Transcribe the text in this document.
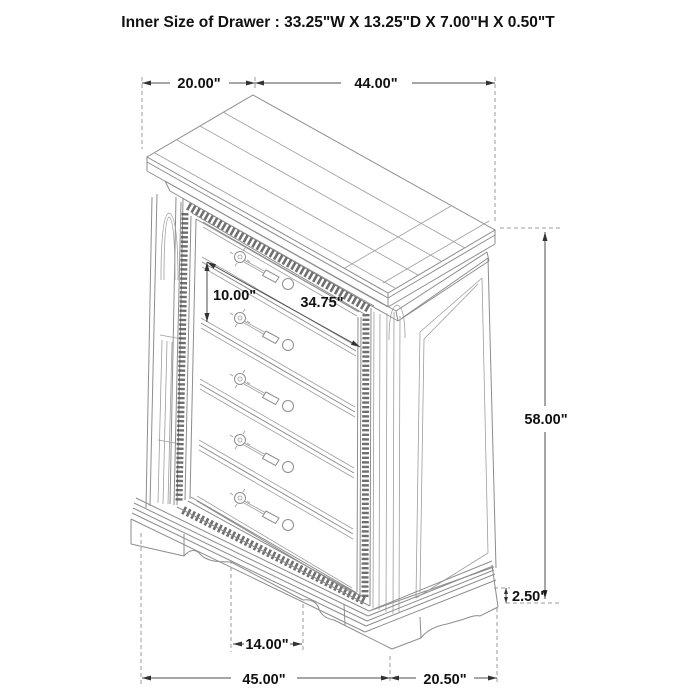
20.00"	44.00"
58.00"
2.50"
10.00"	34.75"
14.00"
45.00"	20.50"
Inner Size of Drawer : 33.25"W X 13.25"D X 7.00"H X 0.50"T
